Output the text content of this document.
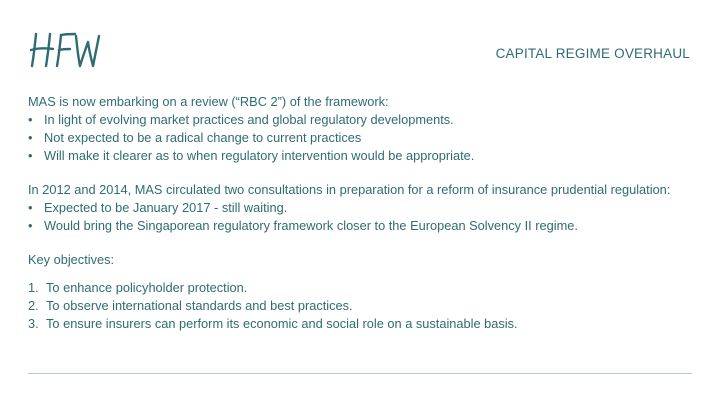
CAPITAL REGIME OVERHAUL

MAS is now embarking on a review (“RBC 2”) of the framework:

• In light of evolving market practices and global regulatory developments.
• Not expected to be a radical change to current practices
• Will make it clearer as to when regulatory intervention would be appropriate.

In 2012 and 2014, MAS circulated two consultations in preparation for a reform of insurance prudential regulation:

• Expected to be January 2017 - still waiting.
• Would bring the Singaporean regulatory framework closer to the European Solvency II regime.

Key objectives:

1. To enhance policyholder protection.
2. To observe international standards and best practices.
3. To ensure insurers can perform its economic and social role on a sustainable basis.
